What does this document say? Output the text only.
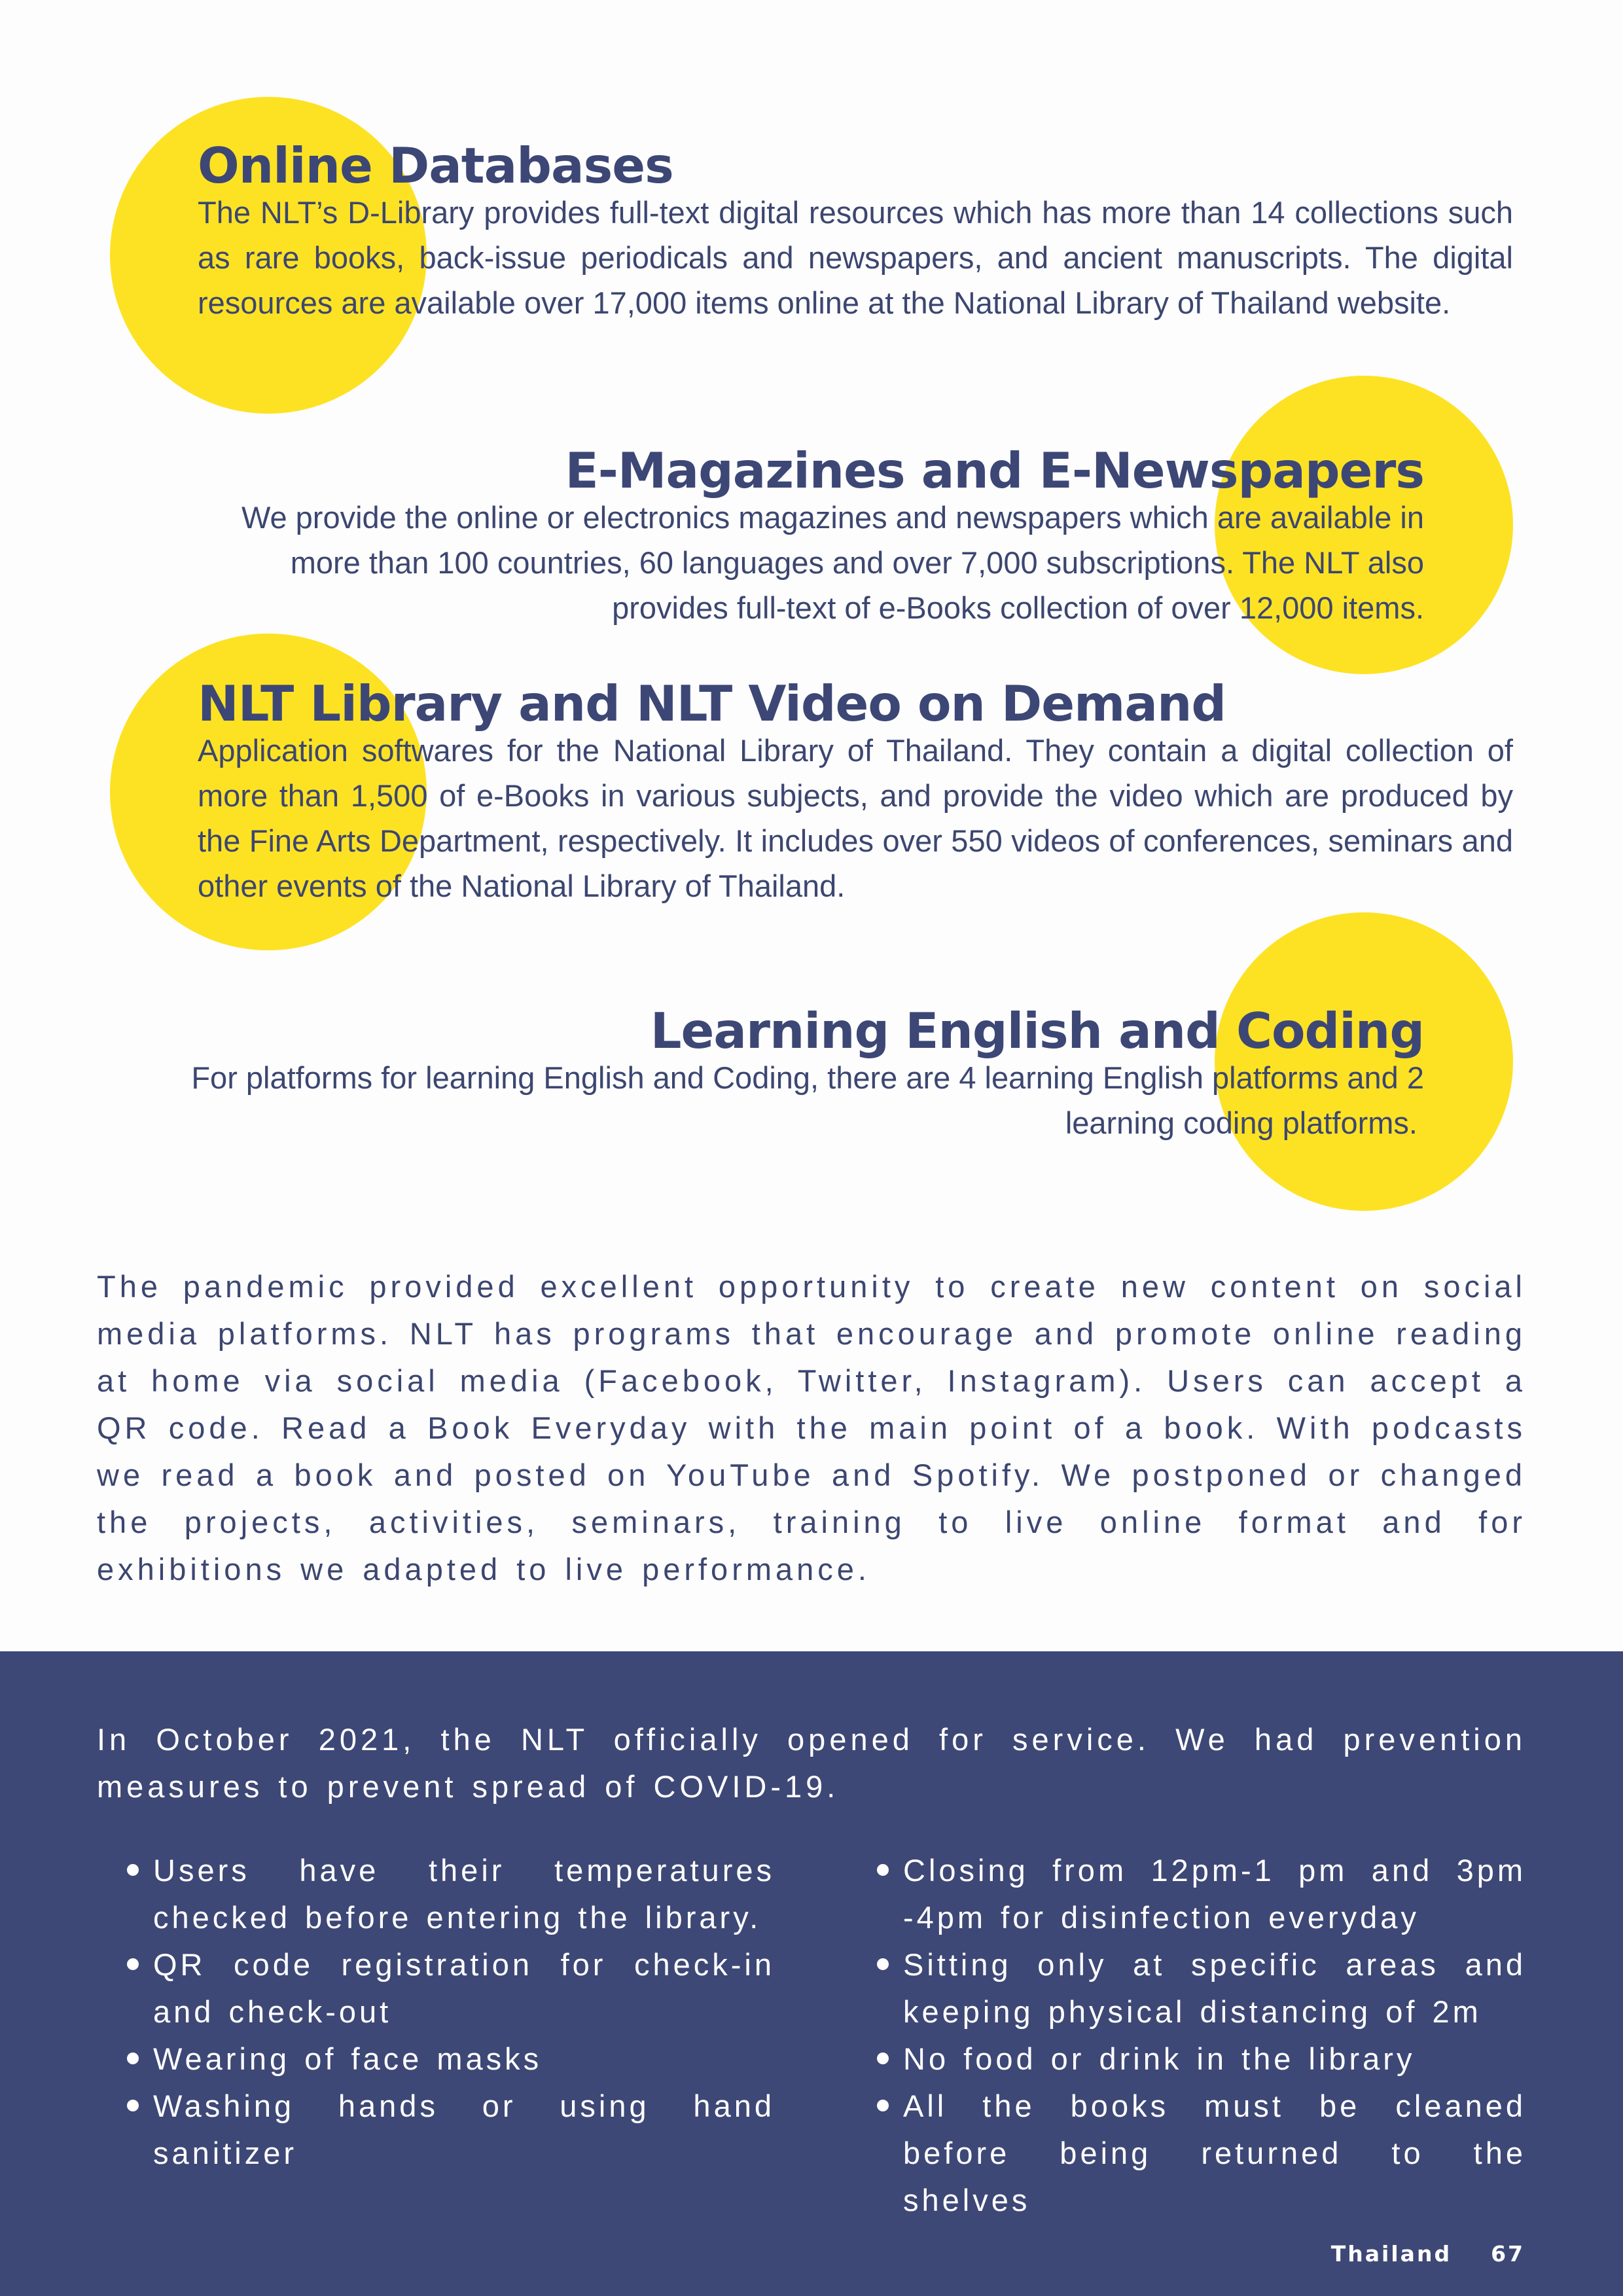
Online Databases
The NLT’s D-Library provides full-text digital resources which has more than 14 collections such as rare books, back-issue periodicals and newspapers, and ancient manuscripts. The digital resources are available over 17,000 items online at the National Library of Thailand website.
E-Magazines and E-Newspapers
We provide the online or electronics magazines and newspapers which are available in
more than 100 countries, 60 languages and over 7,000 subscriptions. The NLT also
provides full-text of e-Books collection of over 12,000 items.
NLT Library and NLT Video on Demand
Application softwares for the National Library of Thailand. They contain a digital collection of more than 1,500 of e-Books in various subjects, and provide the video which are produced by the Fine Arts Department, respectively. It includes over 550 videos of conferences, seminars and other events of the National Library of Thailand.
Learning English and Coding
For platforms for learning English and Coding, there are 4 learning English platforms and 2
learning coding platforms.
The pandemic provided excellent opportunity to create new content on social media platforms. NLT has programs that encourage and promote online reading at home via social media (Facebook, Twitter, Instagram). Users can accept a QR code. Read a Book Everyday with the main point of a book. With podcasts we read a book and posted on YouTube and Spotify. We postponed or changed the projects, activities, seminars, training to live online format and for exhibitions we adapted to live performance.
In October 2021, the NLT officially opened for service. We had prevention measures to prevent spread of COVID-19.
Users have their temperatures checked before entering the library.
QR code registration for check-in and check-out
Wearing of face masks
Washing hands or using hand sanitizer
Closing from 12pm-1 pm and 3pm -4pm for disinfection everyday
Sitting only at specific areas and keeping physical distancing of 2m
No food or drink in the library
All the books must be cleaned before being returned to the shelves
Thailand 67
